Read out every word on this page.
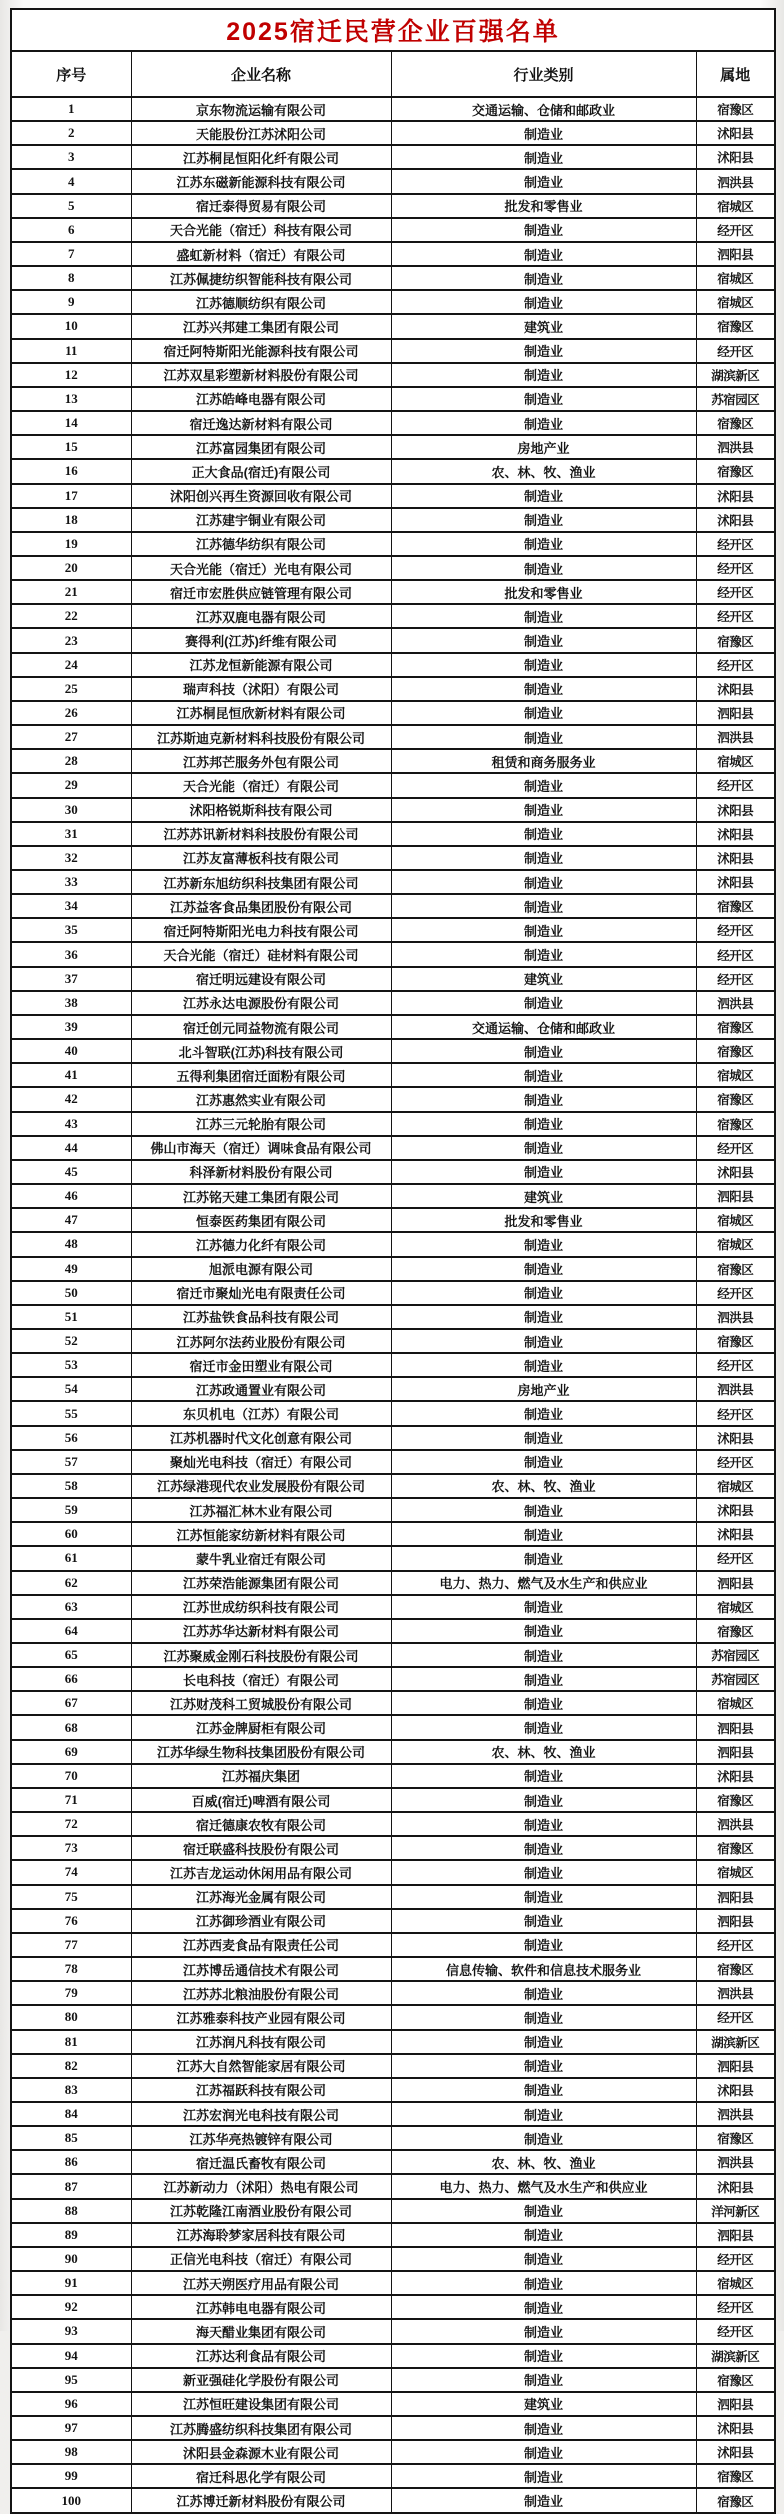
2025宿迁民营企业百强名单			
序号	企业名称	行业类别	属地
1	京东物流运输有限公司	交通运输、仓储和邮政业	宿豫区
2	天能股份江苏沭阳公司	制造业	沭阳县
3	江苏桐昆恒阳化纤有限公司	制造业	沭阳县
4	江苏东磁新能源科技有限公司	制造业	泗洪县
5	宿迁泰得贸易有限公司	批发和零售业	宿城区
6	天合光能（宿迁）科技有限公司	制造业	经开区
7	盛虹新材料（宿迁）有限公司	制造业	泗阳县
8	江苏佩捷纺织智能科技有限公司	制造业	宿城区
9	江苏德顺纺织有限公司	制造业	宿城区
10	江苏兴邦建工集团有限公司	建筑业	宿豫区
11	宿迁阿特斯阳光能源科技有限公司	制造业	经开区
12	江苏双星彩塑新材料股份有限公司	制造业	湖滨新区
13	江苏皓峰电器有限公司	制造业	苏宿园区
14	宿迁逸达新材料有限公司	制造业	宿豫区
15	江苏富园集团有限公司	房地产业	泗洪县
16	正大食品(宿迁)有限公司	农、林、牧、渔业	宿豫区
17	沭阳创兴再生资源回收有限公司	制造业	沭阳县
18	江苏建宇铜业有限公司	制造业	沭阳县
19	江苏德华纺织有限公司	制造业	经开区
20	天合光能（宿迁）光电有限公司	制造业	经开区
21	宿迁市宏胜供应链管理有限公司	批发和零售业	经开区
22	江苏双鹿电器有限公司	制造业	经开区
23	赛得利(江苏)纤维有限公司	制造业	宿豫区
24	江苏龙恒新能源有限公司	制造业	经开区
25	瑞声科技（沭阳）有限公司	制造业	沭阳县
26	江苏桐昆恒欣新材料有限公司	制造业	泗阳县
27	江苏斯迪克新材料科技股份有限公司	制造业	泗洪县
28	江苏邦芒服务外包有限公司	租赁和商务服务业	宿城区
29	天合光能（宿迁）有限公司	制造业	经开区
30	沭阳格锐斯科技有限公司	制造业	沭阳县
31	江苏苏讯新材料科技股份有限公司	制造业	沭阳县
32	江苏友富薄板科技有限公司	制造业	沭阳县
33	江苏新东旭纺织科技集团有限公司	制造业	沭阳县
34	江苏益客食品集团股份有限公司	制造业	宿豫区
35	宿迁阿特斯阳光电力科技有限公司	制造业	经开区
36	天合光能（宿迁）硅材料有限公司	制造业	经开区
37	宿迁明远建设有限公司	建筑业	经开区
38	江苏永达电源股份有限公司	制造业	泗洪县
39	宿迁创元同益物流有限公司	交通运输、仓储和邮政业	宿豫区
40	北斗智联(江苏)科技有限公司	制造业	宿豫区
41	五得利集团宿迁面粉有限公司	制造业	宿城区
42	江苏惠然实业有限公司	制造业	宿豫区
43	江苏三元轮胎有限公司	制造业	宿豫区
44	佛山市海天（宿迁）调味食品有限公司	制造业	经开区
45	科泽新材料股份有限公司	制造业	沭阳县
46	江苏铭天建工集团有限公司	建筑业	泗阳县
47	恒泰医药集团有限公司	批发和零售业	宿城区
48	江苏德力化纤有限公司	制造业	宿城区
49	旭派电源有限公司	制造业	宿豫区
50	宿迁市聚灿光电有限责任公司	制造业	经开区
51	江苏盐铁食品科技有限公司	制造业	泗洪县
52	江苏阿尔法药业股份有限公司	制造业	宿豫区
53	宿迁市金田塑业有限公司	制造业	经开区
54	江苏政通置业有限公司	房地产业	泗洪县
55	东贝机电（江苏）有限公司	制造业	经开区
56	江苏机器时代文化创意有限公司	制造业	沭阳县
57	聚灿光电科技（宿迁）有限公司	制造业	经开区
58	江苏绿港现代农业发展股份有限公司	农、林、牧、渔业	宿城区
59	江苏福汇林木业有限公司	制造业	沭阳县
60	江苏恒能家纺新材料有限公司	制造业	沭阳县
61	蒙牛乳业宿迁有限公司	制造业	经开区
62	江苏荣浩能源集团有限公司	电力、热力、燃气及水生产和供应业	泗阳县
63	江苏世成纺织科技有限公司	制造业	宿城区
64	江苏苏华达新材料有限公司	制造业	宿豫区
65	江苏聚威金刚石科技股份有限公司	制造业	苏宿园区
66	长电科技（宿迁）有限公司	制造业	苏宿园区
67	江苏财茂科工贸城股份有限公司	制造业	宿城区
68	江苏金牌厨柜有限公司	制造业	泗阳县
69	江苏华绿生物科技集团股份有限公司	农、林、牧、渔业	泗阳县
70	江苏福庆集团	制造业	沭阳县
71	百威(宿迁)啤酒有限公司	制造业	宿豫区
72	宿迁德康农牧有限公司	制造业	泗洪县
73	宿迁联盛科技股份有限公司	制造业	宿豫区
74	江苏吉龙运动休闲用品有限公司	制造业	宿城区
75	江苏海光金属有限公司	制造业	泗阳县
76	江苏御珍酒业有限公司	制造业	泗阳县
77	江苏西麦食品有限责任公司	制造业	经开区
78	江苏博岳通信技术有限公司	信息传输、软件和信息技术服务业	宿豫区
79	江苏苏北粮油股份有限公司	制造业	泗洪县
80	江苏雅泰科技产业园有限公司	制造业	经开区
81	江苏润凡科技有限公司	制造业	湖滨新区
82	江苏大自然智能家居有限公司	制造业	泗阳县
83	江苏福跃科技有限公司	制造业	沭阳县
84	江苏宏润光电科技有限公司	制造业	泗洪县
85	江苏华亮热镀锌有限公司	制造业	宿豫区
86	宿迁温氏畜牧有限公司	农、林、牧、渔业	泗洪县
87	江苏新动力（沭阳）热电有限公司	电力、热力、燃气及水生产和供应业	沭阳县
88	江苏乾隆江南酒业股份有限公司	制造业	洋河新区
89	江苏海聆梦家居科技有限公司	制造业	泗阳县
90	正信光电科技（宿迁）有限公司	制造业	经开区
91	江苏天朔医疗用品有限公司	制造业	宿城区
92	江苏韩电电器有限公司	制造业	经开区
93	海天醋业集团有限公司	制造业	经开区
94	江苏达利食品有限公司	制造业	湖滨新区
95	新亚强硅化学股份有限公司	制造业	宿豫区
96	江苏恒旺建设集团有限公司	建筑业	泗阳县
97	江苏腾盛纺织科技集团有限公司	制造业	沭阳县
98	沭阳县金森源木业有限公司	制造业	沭阳县
99	宿迁科思化学有限公司	制造业	宿豫区
100	江苏博迁新材料股份有限公司	制造业	宿豫区
